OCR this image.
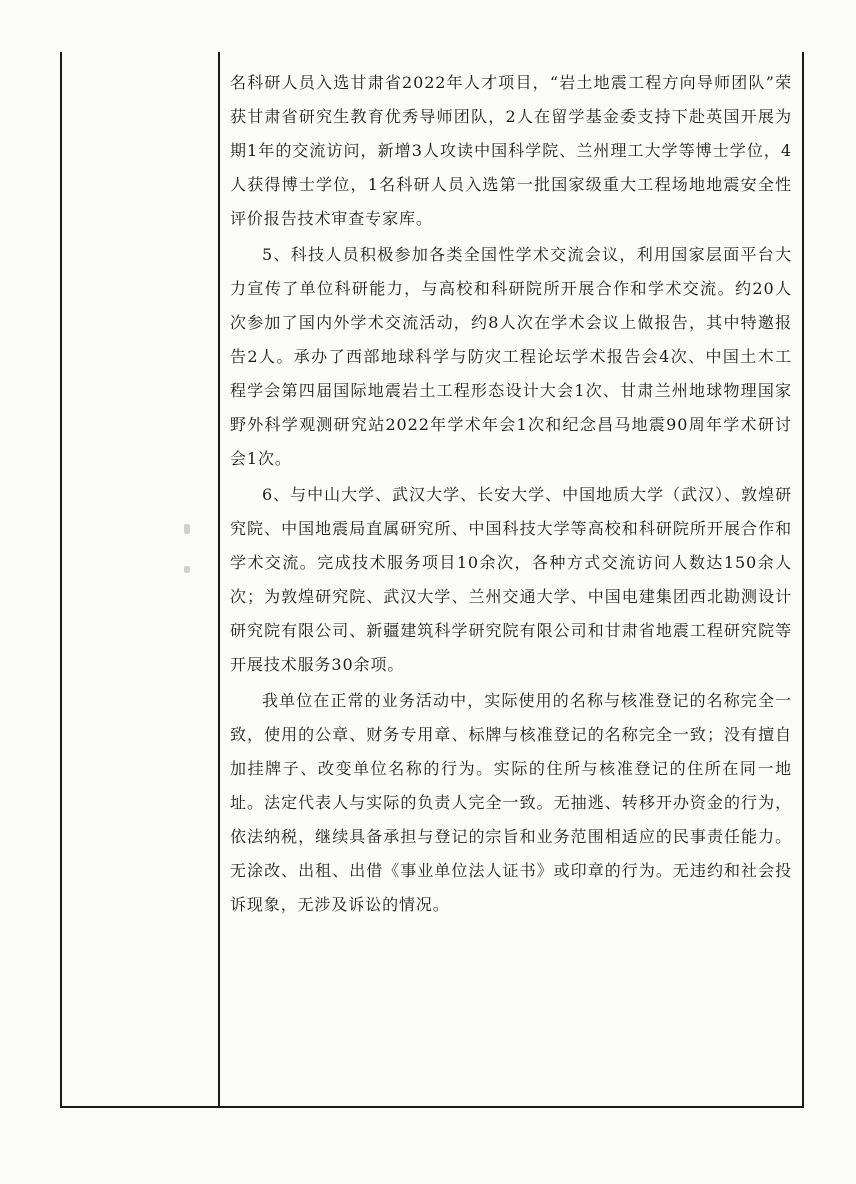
名科研人员入选甘肃省2022年人才项目，“岩土地震工程方向导师团队”荣获甘肃省研究生教育优秀导师团队，2人在留学基金委支持下赴英国开展为期1年的交流访问，新增3人攻读中国科学院、兰州理工大学等博士学位，4人获得博士学位，1名科研人员入选第一批国家级重大工程场地地震安全性评价报告技术审查专家库。

5、科技人员积极参加各类全国性学术交流会议，利用国家层面平台大力宣传了单位科研能力，与高校和科研院所开展合作和学术交流。约20人次参加了国内外学术交流活动，约8人次在学术会议上做报告，其中特邀报告2人。承办了西部地球科学与防灾工程论坛学术报告会4次、中国土木工程学会第四届国际地震岩土工程形态设计大会1次、甘肃兰州地球物理国家野外科学观测研究站2022年学术年会1次和纪念昌马地震90周年学术研讨会1次。

6、与中山大学、武汉大学、长安大学、中国地质大学（武汉）、敦煌研究院、中国地震局直属研究所、中国科技大学等高校和科研院所开展合作和学术交流。完成技术服务项目10余次，各种方式交流访问人数达150余人次；为敦煌研究院、武汉大学、兰州交通大学、中国电建集团西北勘测设计研究院有限公司、新疆建筑科学研究院有限公司和甘肃省地震工程研究院等开展技术服务30余项。

我单位在正常的业务活动中，实际使用的名称与核准登记的名称完全一致，使用的公章、财务专用章、标牌与核准登记的名称完全一致；没有擅自加挂牌子、改变单位名称的行为。实际的住所与核准登记的住所在同一地址。法定代表人与实际的负责人完全一致。无抽逃、转移开办资金的行为，依法纳税，继续具备承担与登记的宗旨和业务范围相适应的民事责任能力。无涂改、出租、出借《事业单位法人证书》或印章的行为。无违约和社会投诉现象，无涉及诉讼的情况。
